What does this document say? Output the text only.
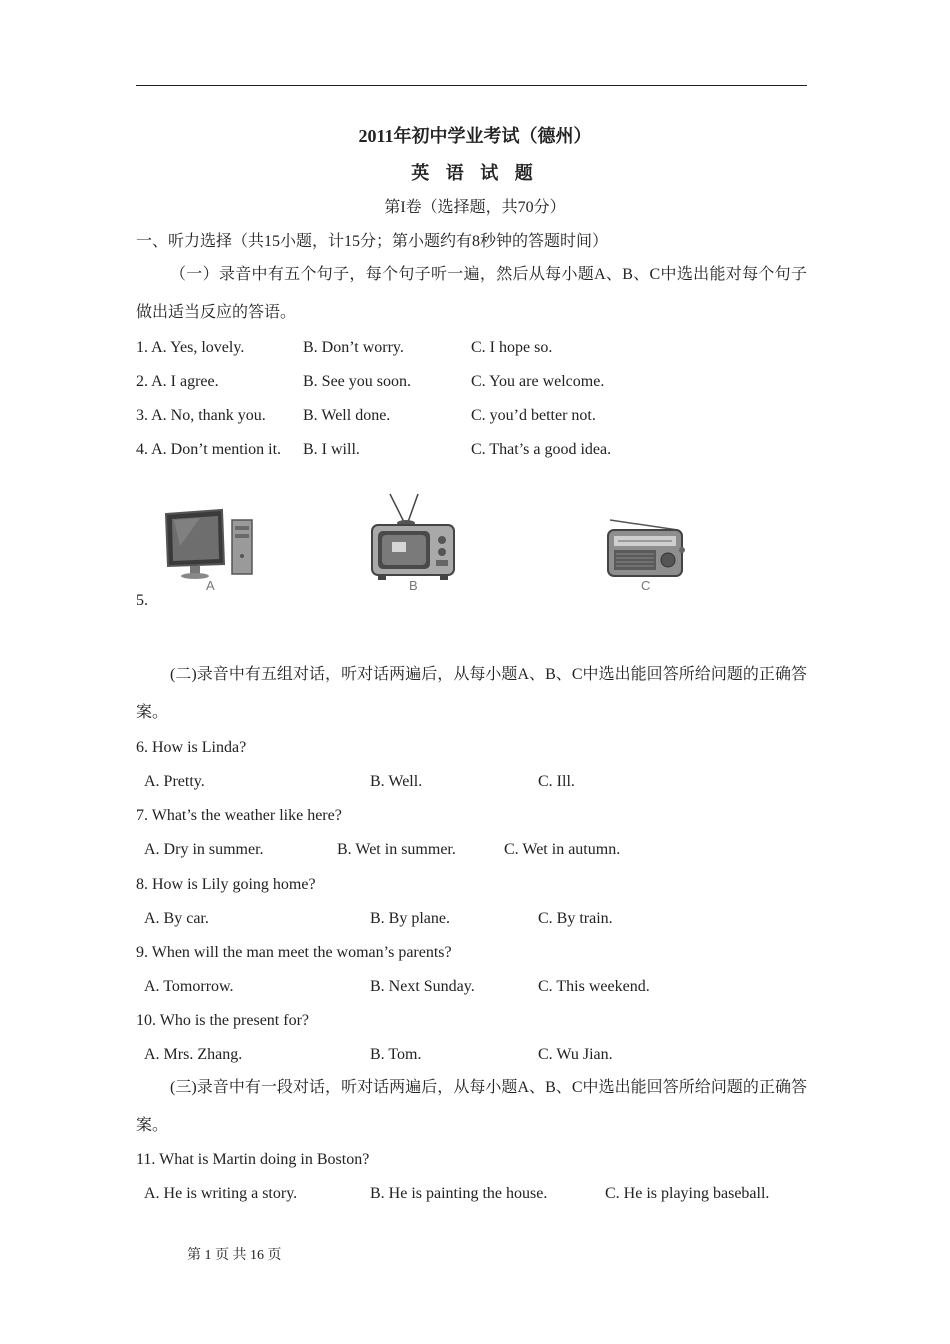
2011年初中学业考试（德州）
英 语 试 题
第I卷（选择题，共70分）
一、听力选择（共15小题，计15分；第小题约有8秒钟的答题时间）
（一）录音中有五个句子，每个句子听一遍，然后从每小题A、B、C中选出能对每个句子做出适当反应的答语。
1. A. Yes, lovely.	B. Don’t worry.	C. I hope so.
2. A. I agree.	B. See you soon.	C. You are welcome.
3. A. No, thank you. B. Well done.	C. you’d better not.
4. A. Don’t mention it. B. I will.	C. That’s a good idea.
5.
A	B	C
(二)录音中有五组对话，听对话两遍后，从每小题A、B、C中选出能回答所给问题的正确答案。
6. How is Linda?
A. Pretty.	B. Well.	C. Ill.
7. What’s the weather like here?
A. Dry in summer.	B. Wet in summer.	C. Wet in autumn.
8. How is Lily going home?
A. By car.	B. By plane.	C. By train.
9. When will the man meet the woman’s parents?
A. Tomorrow.	B. Next Sunday.	C. This weekend.
10. Who is the present for?
A. Mrs. Zhang.	B. Tom.	C. Wu Jian.
(三)录音中有一段对话，听对话两遍后，从每小题A、B、C中选出能回答所给问题的正确答案。
11. What is Martin doing in Boston?
A. He is writing a story.	B. He is painting the house.	C. He is playing baseball.
第 1 页 共 16 页
